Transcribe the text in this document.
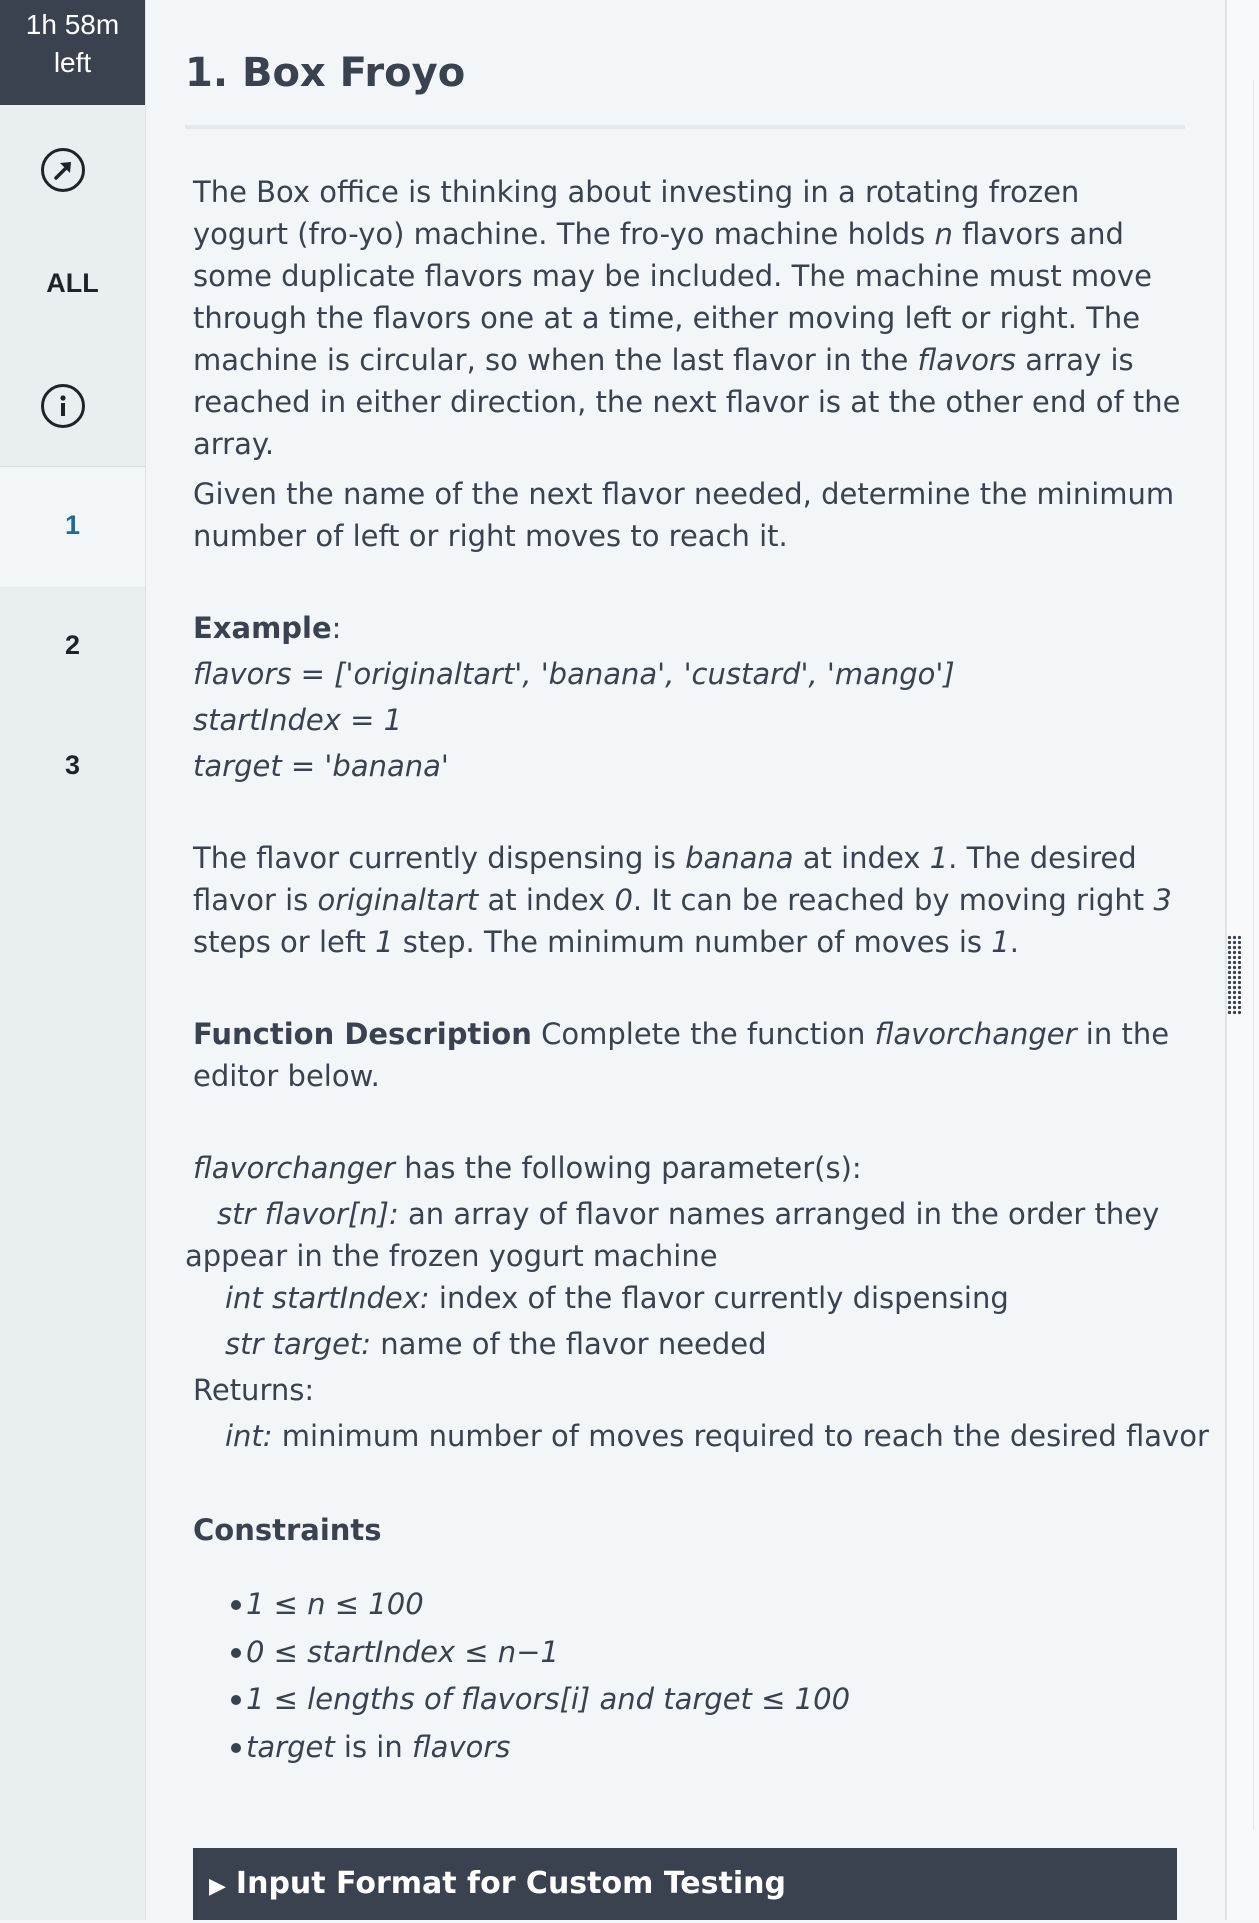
1h 58m
left
ALL
1
2
3
1. Box Froyo

The Box office is thinking about investing in a rotating frozen yogurt (fro-yo) machine. The fro-yo machine holds n flavors and some duplicate flavors may be included. The machine must move through the flavors one at a time, either moving left or right. The machine is circular, so when the last flavor in the flavors array is reached in either direction, the next flavor is at the other end of the array.

Given the name of the next flavor needed, determine the minimum number of left or right moves to reach it.

Example:
flavors = ['originaltart', 'banana', 'custard', 'mango']
startIndex = 1
target = 'banana'

The flavor currently dispensing is banana at index 1. The desired flavor is originaltart at index 0. It can be reached by moving right 3 steps or left 1 step. The minimum number of moves is 1.

Function Description Complete the function flavorchanger in the editor below.

flavorchanger has the following parameter(s):
str flavor[n]: an array of flavor names arranged in the order they
appear in the frozen yogurt machine
int startIndex: index of the flavor currently dispensing
str target: name of the flavor needed
Returns:
int: minimum number of moves required to reach the desired flavor
Constraints
1 ≤ n ≤ 100
0 ≤ startIndex ≤ n−1
1 ≤ lengths of flavors[i] and target ≤ 100
target is in flavors
▶ Input Format for Custom Testing
